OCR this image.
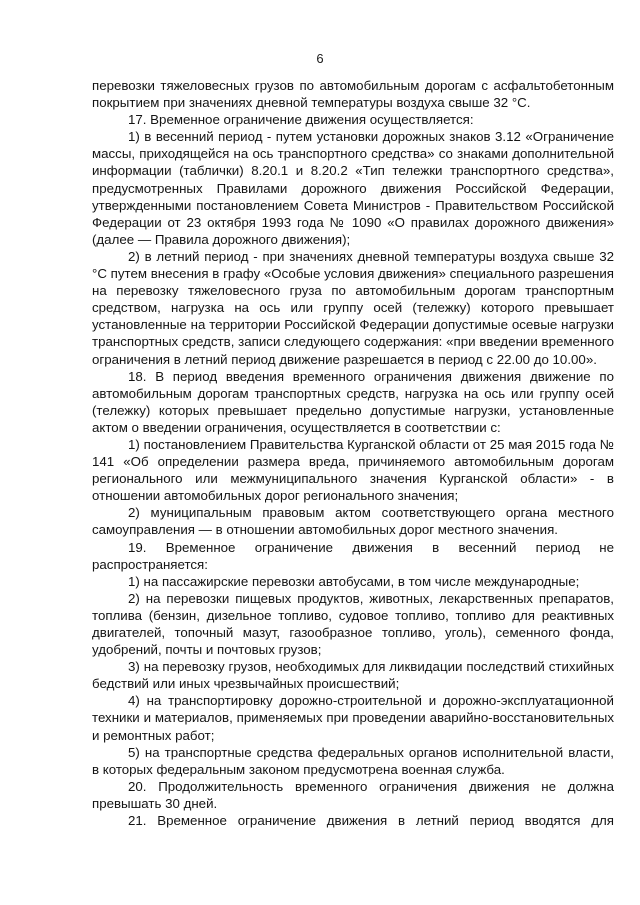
6

перевозки тяжеловесных грузов по автомобильным дорогам с асфальтобетонным покрытием при значениях дневной температуры воздуха свыше 32 °C.

17. Временное ограничение движения осуществляется:

1) в весенний период - путем установки дорожных знаков 3.12 «Ограничение массы, приходящейся на ось транспортного средства» со знаками дополнительной информации (таблички) 8.20.1 и 8.20.2 «Тип тележки транспортного средства», предусмотренных Правилами дорожного движения Российской Федерации, утвержденными постановлением Совета Министров - Правительством Российской Федерации от 23 октября 1993 года № 1090 «О правилах дорожного движения» (далее — Правила дорожного движения);

2) в летний период - при значениях дневной температуры воздуха свыше 32 °C путем внесения в графу «Особые условия движения» специального разрешения на перевозку тяжеловесного груза по автомобильным дорогам транспортным средством, нагрузка на ось или группу осей (тележку) которого превышает установленные на территории Российской Федерации допустимые осевые нагрузки транспортных средств, записи следующего содержания: «при введении временного ограничения в летний период движение разрешается в период с 22.00 до 10.00».

18. В период введения временного ограничения движения движение по автомобильным дорогам транспортных средств, нагрузка на ось или группу осей (тележку) которых превышает предельно допустимые нагрузки, установленные актом о введении ограничения, осуществляется в соответствии с:

1) постановлением Правительства Курганской области от 25 мая 2015 года № 141 «Об определении размера вреда, причиняемого автомобильным дорогам регионального или межмуниципального значения Курганской области» - в отношении автомобильных дорог регионального значения;

2) муниципальным правовым актом соответствующего органа местного самоуправления — в отношении автомобильных дорог местного значения.

19. Временное ограничение движения в весенний период не распространяется:

1) на пассажирские перевозки автобусами, в том числе международные;

2) на перевозки пищевых продуктов, животных, лекарственных препаратов, топлива (бензин, дизельное топливо, судовое топливо, топливо для реактивных двигателей, топочный мазут, газообразное топливо, уголь), семенного фонда, удобрений, почты и почтовых грузов;

3) на перевозку грузов, необходимых для ликвидации последствий стихийных бедствий или иных чрезвычайных происшествий;

4) на транспортировку дорожно-строительной и дорожно-эксплуатационной техники и материалов, применяемых при проведении аварийно-восстановительных и ремонтных работ;

5) на транспортные средства федеральных органов исполнительной власти, в которых федеральным законом предусмотрена военная служба.

20. Продолжительность временного ограничения движения не должна превышать 30 дней.

21. Временное ограничение движения в летний период вводятся для
